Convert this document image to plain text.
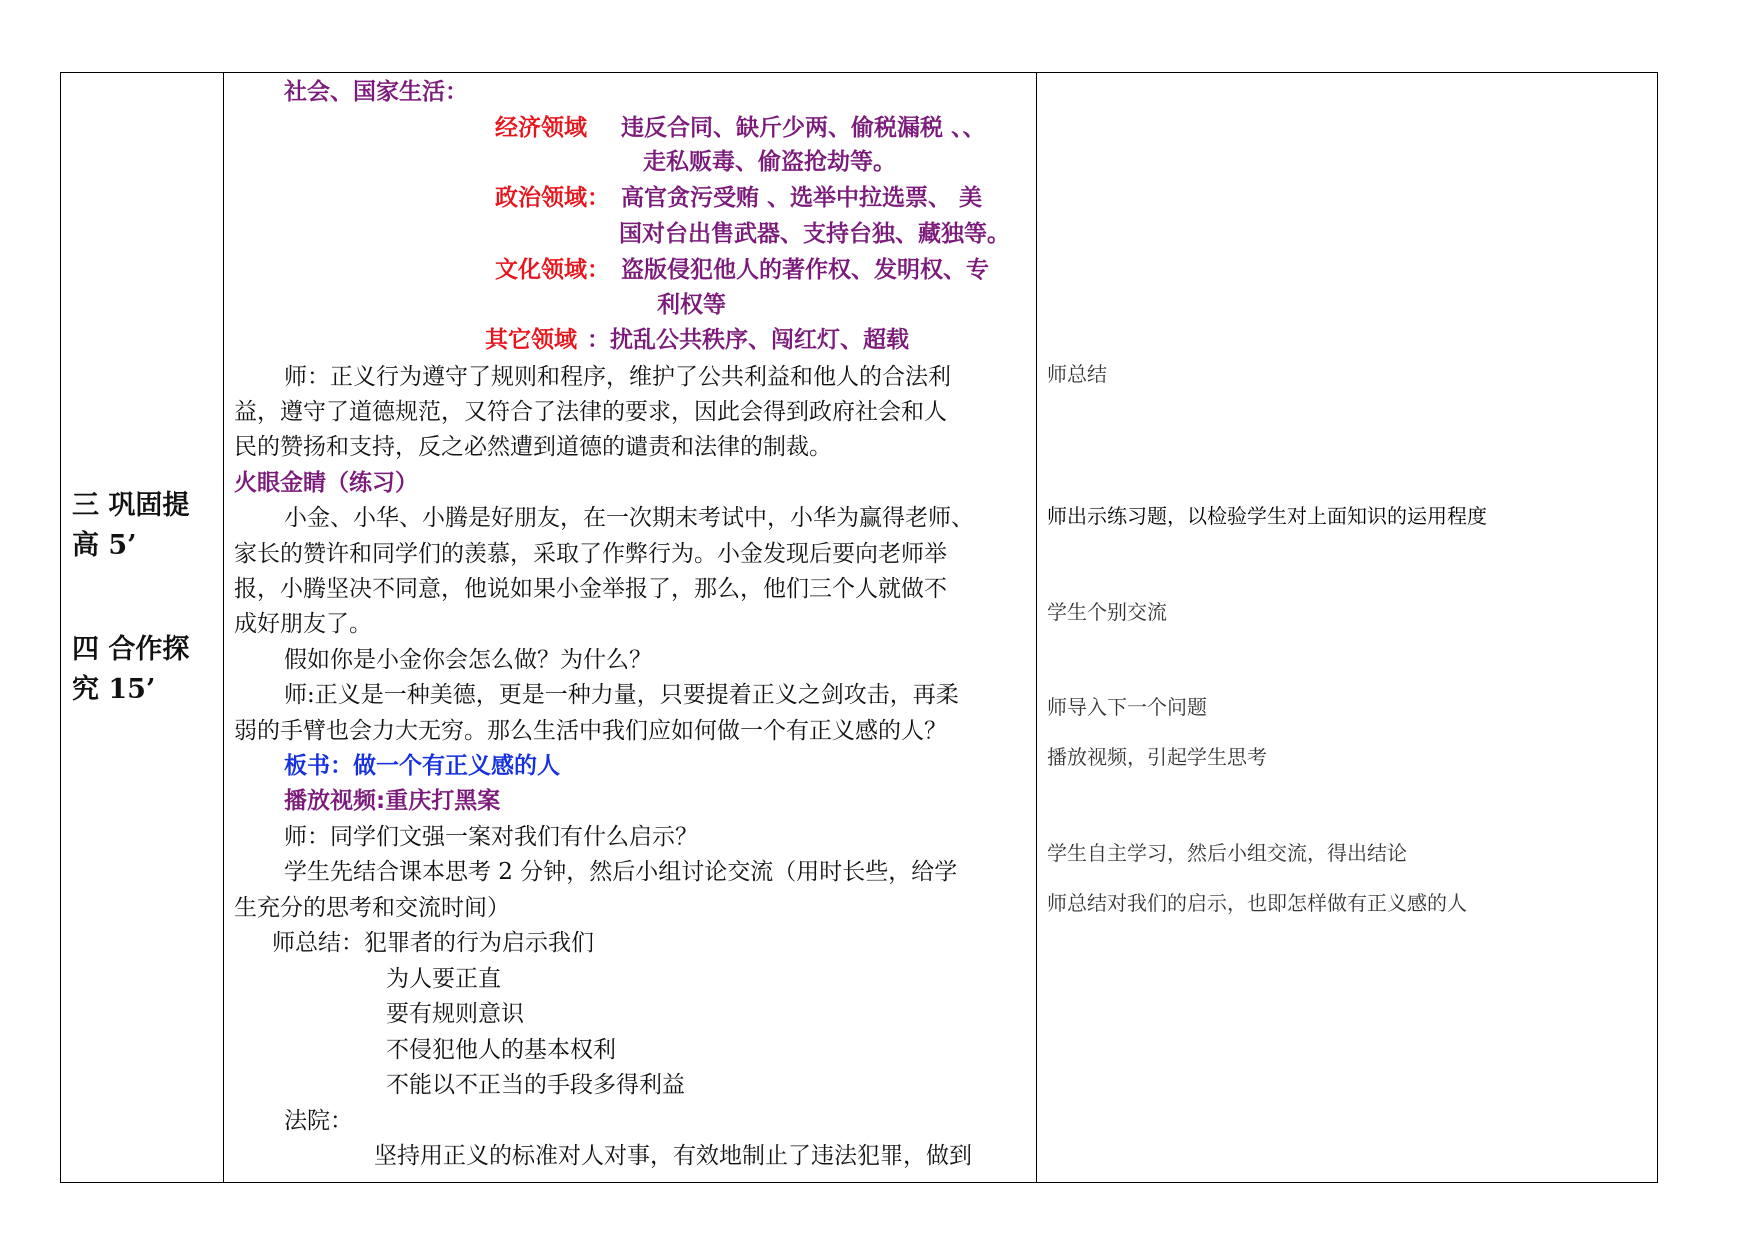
三 巩固提
高 5’
四 合作探
究 15’
社会、国家生活：
经济领域 违反合同、缺斤少两、偷税漏税 、、
走私贩毒、偷盗抢劫等。
政治领域： 高官贪污受贿 、选举中拉选票、 美
国对台出售武器、支持台独、藏独等。
文化领域： 盗版侵犯他人的著作权、发明权、专
利权等
其它领域 ：扰乱公共秩序、闯红灯、超载
师：正义行为遵守了规则和程序，维护了公共利益和他人的合法利
益，遵守了道德规范，又符合了法律的要求，因此会得到政府社会和人
民的赞扬和支持，反之必然遭到道德的谴责和法律的制裁。
火眼金睛（练习）
小金、小华、小腾是好朋友，在一次期末考试中，小华为赢得老师、
家长的赞许和同学们的羡慕，采取了作弊行为。小金发现后要向老师举
报，小腾坚决不同意，他说如果小金举报了，那么，他们三个人就做不
成好朋友了。
假如你是小金你会怎么做？为什么？
师:正义是一种美德，更是一种力量，只要提着正义之剑攻击，再柔
弱的手臂也会力大无穷。那么生活中我们应如何做一个有正义感的人？
板书：做一个有正义感的人
播放视频:重庆打黑案
师：同学们文强一案对我们有什么启示？
学生先结合课本思考 2 分钟，然后小组讨论交流（用时长些，给学
生充分的思考和交流时间）
师总结：犯罪者的行为启示我们
为人要正直
要有规则意识
不侵犯他人的基本权利
不能以不正当的手段多得利益
法院：
坚持用正义的标准对人对事，有效地制止了违法犯罪，做到
师总结
师出示练习题，以检验学生对上面知识的运用程度
学生个别交流
师导入下一个问题
播放视频，引起学生思考
学生自主学习，然后小组交流，得出结论
师总结对我们的启示，也即怎样做有正义感的人
